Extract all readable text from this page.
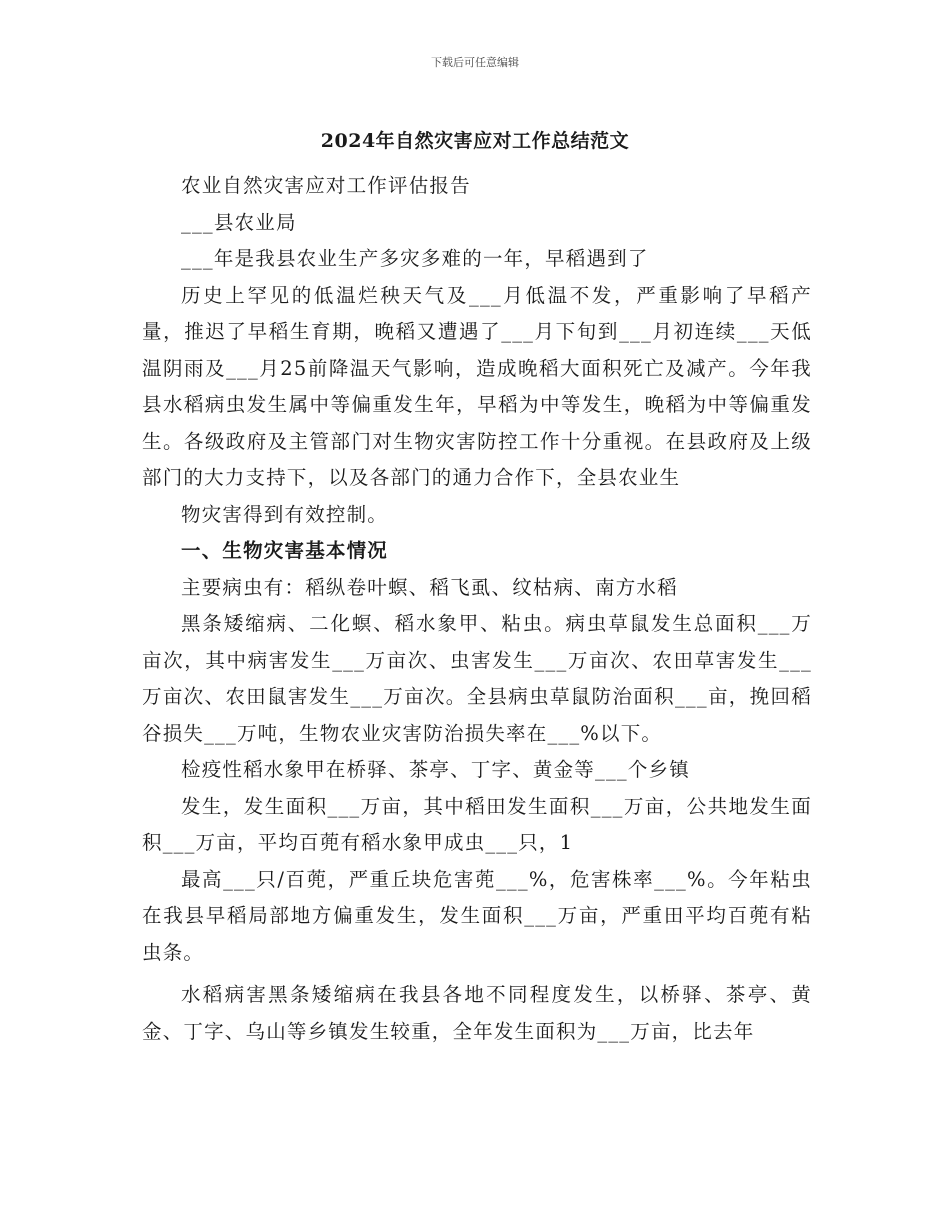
下载后可任意编辑
2024年自然灾害应对工作总结范文

农业自然灾害应对工作评估报告

___县农业局

___年是我县农业生产多灾多难的一年，早稻遇到了

历史上罕见的低温烂秧天气及___月低温不发，严重影响了早稻产量，推迟了早稻生育期，晚稻又遭遇了___月下旬到___月初连续___天低温阴雨及___月25前降温天气影响，造成晚稻大面积死亡及减产。今年我县水稻病虫发生属中等偏重发生年，早稻为中等发生，晚稻为中等偏重发生。各级政府及主管部门对生物灾害防控工作十分重视。在县政府及上级部门的大力支持下，以及各部门的通力合作下，全县农业生

物灾害得到有效控制。

一、生物灾害基本情况

主要病虫有：稻纵卷叶螟、稻飞虱、纹枯病、南方水稻

黑条矮缩病、二化螟、稻水象甲、粘虫。病虫草鼠发生总面积___万亩次，其中病害发生___万亩次、虫害发生___万亩次、农田草害发生___万亩次、农田鼠害发生___万亩次。全县病虫草鼠防治面积___亩，挽回稻谷损失___万吨，生物农业灾害防治损失率在___%以下。

检疫性稻水象甲在桥驿、茶亭、丁字、黄金等___个乡镇

发生，发生面积___万亩，其中稻田发生面积___万亩，公共地发生面积___万亩，平均百蔸有稻水象甲成虫___只，1

最高___只/百蔸，严重丘块危害蔸___%，危害株率___%。今年粘虫在我县早稻局部地方偏重发生，发生面积___万亩，严重田平均百蔸有粘虫条。

水稻病害黑条矮缩病在我县各地不同程度发生，以桥驿、茶亭、黄金、丁字、乌山等乡镇发生较重，全年发生面积为___万亩，比去年
